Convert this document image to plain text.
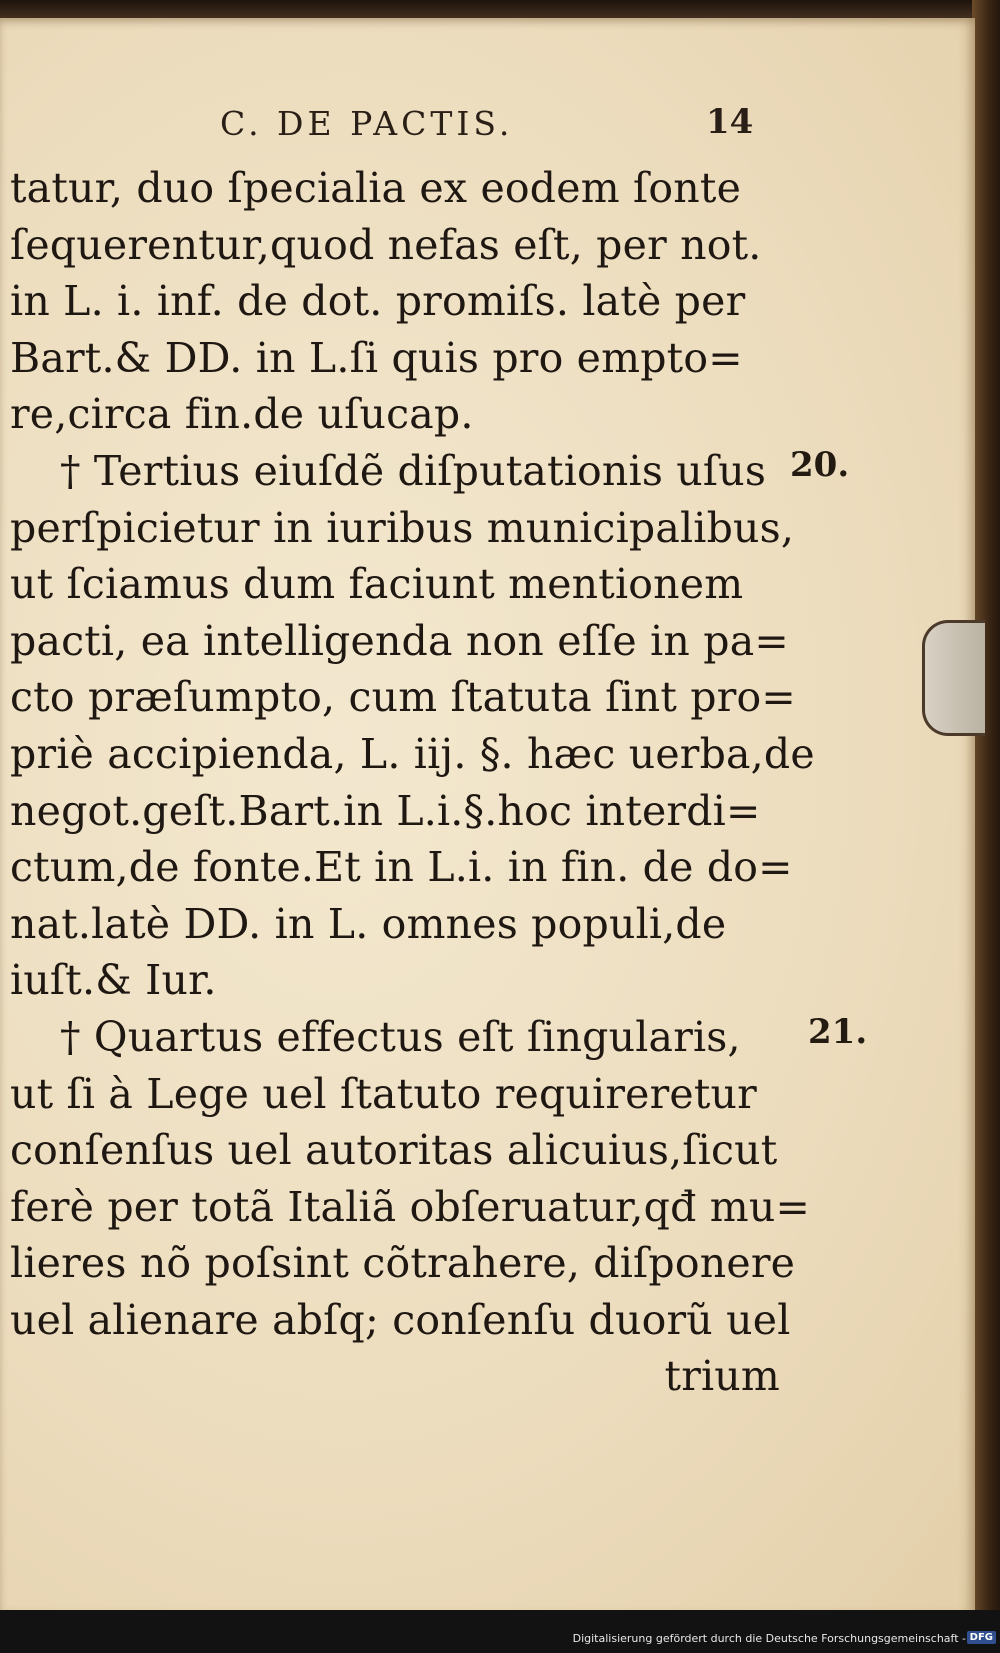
C. DE PACTIS.	14
tatur, duo ſpecialia ex eodem ſonte
ſequerentur,quod nefas eſt, per not.
in L. i. inf. de dot. promiſs. latè per
Bart.& DD. in L.ſi quis pro empto=
re,circa fin.de uſucap.
† Tertius eiuſdẽ diſputationis uſus
perſpicietur in iuribus municipalibus,
ut ſciamus dum faciunt mentionem
pacti, ea intelligenda non eſſe in pa=
cto præſumpto, cum ſtatuta ſint pro=
priè accipienda, L. iij. §. hæc uerba,de
negot.geſt.Bart.in L.i.§.hoc interdi=
ctum,de fonte.Et in L.i. in fin. de do=
nat.latè DD. in L. omnes populi,de
iuſt.& Iur.
† Quartus effectus eſt ſingularis,
ut ſi à Lege uel ſtatuto requireretur
conſenſus uel autoritas alicuius,ſicut
ferè per totã Italiã obſeruatur,qđ mu=
lieres nõ poſsint cõtrahere, diſponere
uel alienare abſq; conſenſu duorũ uel
trium
20.
21.
Digitalisierung gefördert durch die Deutsche Forschungsgemeinschaft - DFG
